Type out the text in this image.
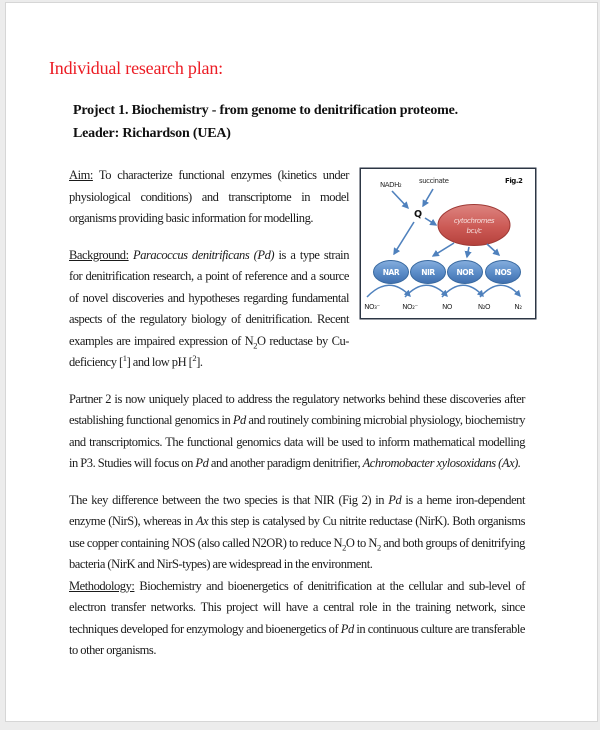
Individual research plan:
Project 1. Biochemistry - from genome to denitrification proteome.
Leader: Richardson (UEA)
NADH₂	succinate	Fig.2
Q
cytochromes
bc₁/c
NAR	NIR	NOR	NOS
NO₃⁻	NO₂⁻	NO	N₂O	N₂

Aim: To characterize functional enzymes (kinetics under physiological conditions) and transcriptome in model organisms providing basic information for modelling.

Background: Paracoccus denitrificans (Pd) is a type strain for denitrification research, a point of reference and a source of novel discoveries and hypotheses regarding fundamental aspects of the regulatory biology of denitrification. Recent examples are impaired expression of $N_2O$ reductase by Cu-deficiency [$^1$] and low pH [$^2$].

Partner 2 is now uniquely placed to address the regulatory networks behind these discoveries after establishing functional genomics in Pd and routinely combining microbial physiology, biochemistry and transcriptomics. The functional genomics data will be used to inform mathematical modelling in P3. Studies will focus on Pd and another paradigm denitrifier, Achromobacter xylosoxidans (Ax).

The key difference between the two species is that NIR (Fig 2) in Pd is a heme iron-dependent enzyme (NirS), whereas in Ax this step is catalysed by Cu nitrite reductase (NirK). Both organisms use copper containing NOS (also called N2OR) to reduce $N_2O$ to $N_2$ and both groups of denitrifying bacteria (NirK and NirS-types) are widespread in the environment.

Methodology: Biochemistry and bioenergetics of denitrification at the cellular and sub-level of electron transfer networks. This project will have a central role in the training network, since techniques developed for enzymology and bioenergetics of Pd in continuous culture are transferable to other organisms.
